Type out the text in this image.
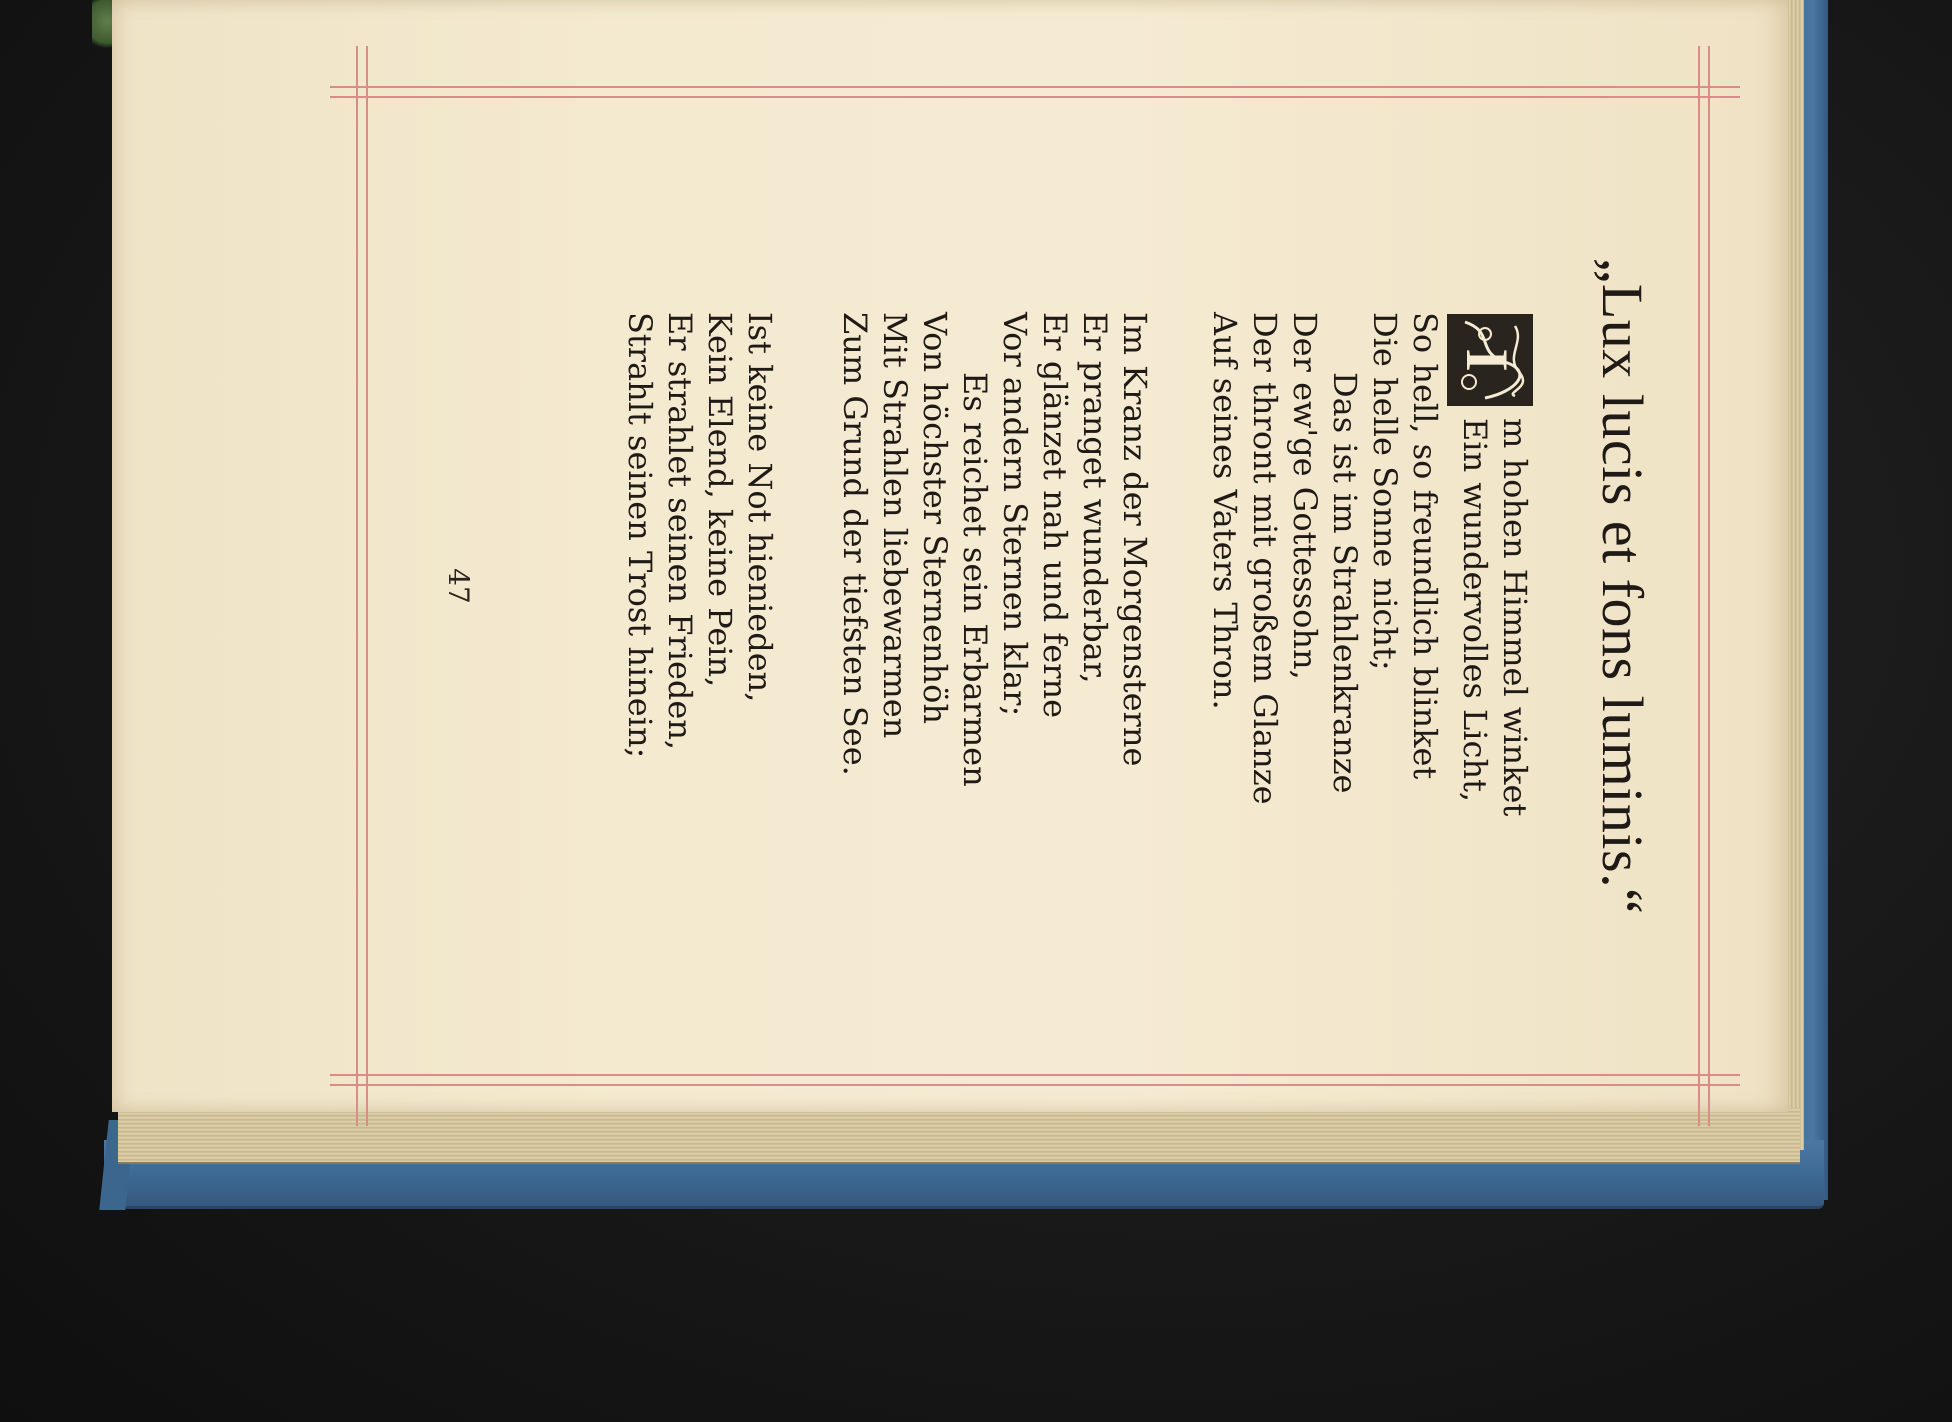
„Lux lucis et fons luminis.“
I
m hohen Himmel winket
Ein wundervolles Licht,
So hell, so freundlich blinket
Die helle Sonne nicht;
Das ist im Strahlenkranze
Der ew'ge Gottessohn,
Der thront mit großem Glanze
Auf seines Vaters Thron.
Im Kranz der Morgensterne
Er pranget wunderbar,
Er glänzet nah und ferne
Vor andern Sternen klar;
Es reichet sein Erbarmen
Von höchster Sternenhöh
Mit Strahlen liebewarmen
Zum Grund der tiefsten See.
Ist keine Not hienieden,
Kein Elend, keine Pein,
Er strahlet seinen Frieden,
Strahlt seinen Trost hinein;
47
